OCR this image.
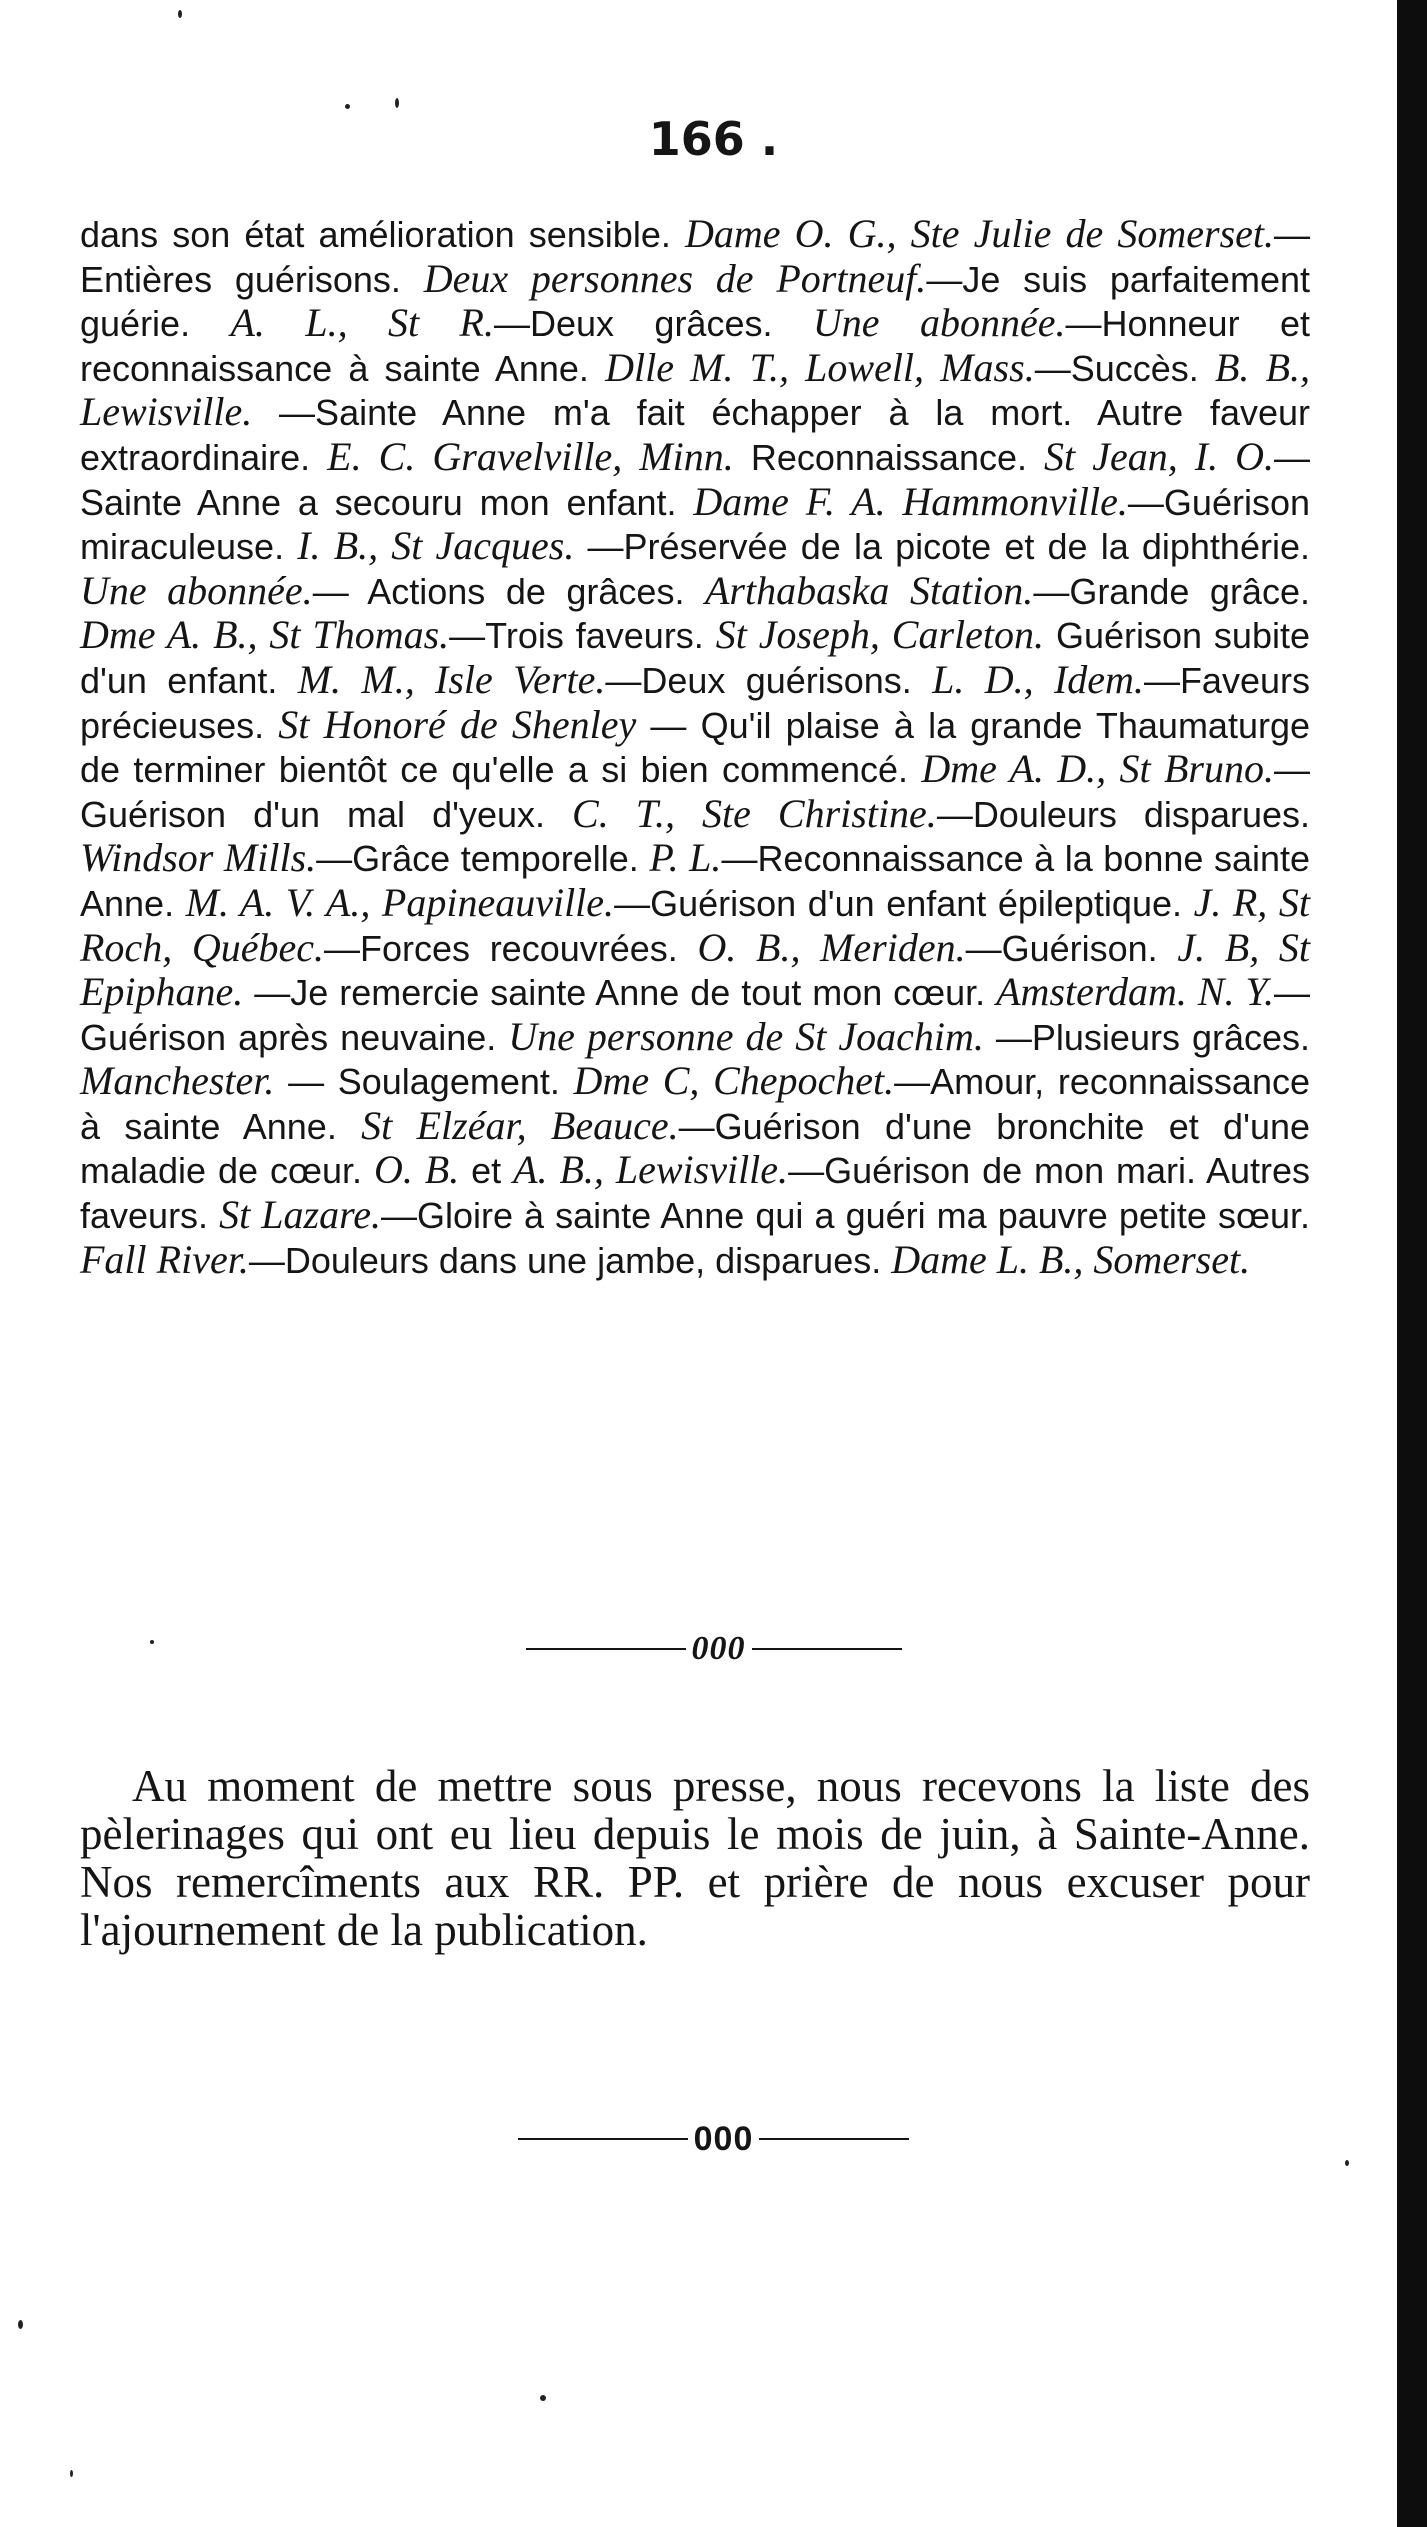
166 .

dans son état amélioration sensible. Dame O. G., Ste Julie de Somerset.—Entières guérisons. Deux personnes de Portneuf.—Je suis parfaitement guérie. A. L., St R.—Deux grâces. Une abonnée.—Honneur et reconnaissance à sainte Anne. Dlle M. T., Lowell, Mass.—Succès. B. B., Lewisville. —Sainte Anne m'a fait échapper à la mort. Autre faveur extraordinaire. E. C. Gravelville, Minn. Reconnaissance. St Jean, I. O.—Sainte Anne a secouru mon enfant. Dame F. A. Hammonville.—Guérison miraculeuse. I. B., St Jacques. —Préservée de la picote et de la diphthérie. Une abonnée.— Actions de grâces. Arthabaska Station.—Grande grâce. Dme A. B., St Thomas.—Trois faveurs. St Joseph, Carleton. Guérison subite d'un enfant. M. M., Isle Verte.—Deux guérisons. L. D., Idem.—Faveurs précieuses. St Honoré de Shenley — Qu'il plaise à la grande Thaumaturge de terminer bientôt ce qu'elle a si bien commencé. Dme A. D., St Bruno.—Guérison d'un mal d'yeux. C. T., Ste Christine.—Douleurs disparues. Windsor Mills.—Grâce temporelle. P. L.—Reconnaissance à la bonne sainte Anne. M. A. V. A., Papineauville.—Guérison d'un enfant épileptique. J. R, St Roch, Québec.—Forces recouvrées. O. B., Meriden.—Guérison. J. B, St Epiphane. —Je remercie sainte Anne de tout mon cœur. Amsterdam. N. Y.—Guérison après neuvaine. Une personne de St Joachim. —Plusieurs grâces. Manchester. — Soulagement. Dme C, Chepochet.—Amour, reconnaissance à sainte Anne. St Elzéar, Beauce.—Guérison d'une bronchite et d'une maladie de cœur. O. B. et A. B., Lewisville.—Guérison de mon mari. Autres faveurs. St Lazare.—Gloire à sainte Anne qui a guéri ma pauvre petite sœur. Fall River.—Douleurs dans une jambe, disparues. Dame L. B., Somerset.

000

Au moment de mettre sous presse, nous recevons la liste des pèlerinages qui ont eu lieu depuis le mois de juin, à Sainte-Anne. Nos remercîments aux RR. PP. et prière de nous excuser pour l'ajournement de la publication.

000
